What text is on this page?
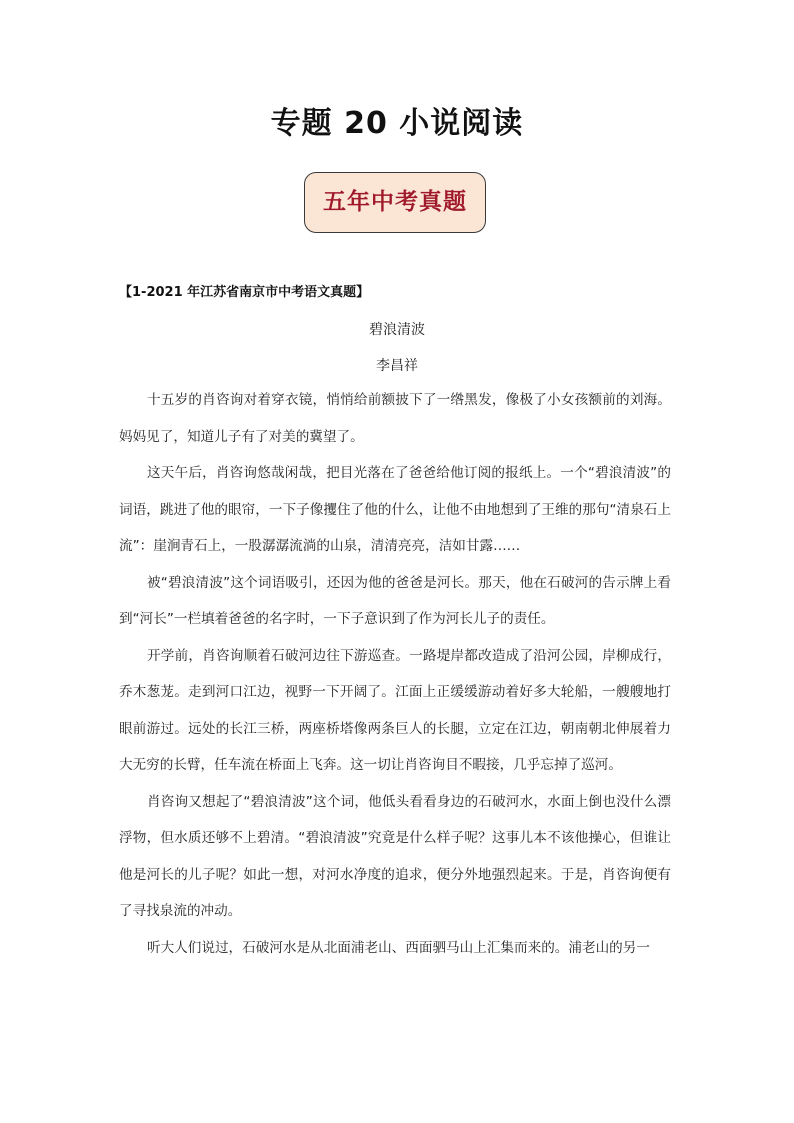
专题 20 小说阅读
五年中考真题
【1-2021 年江苏省南京市中考语文真题】
碧浪清波
李昌祥

十五岁的肖咨询对着穿衣镜，悄悄给前额披下了一绺黑发，像极了小女孩额前的刘海。妈妈见了，知道儿子有了对美的冀望了。

这天午后，肖咨询悠哉闲哉，把目光落在了爸爸给他订阅的报纸上。一个“碧浪清波”的词语，跳进了他的眼帘，一下子像攫住了他的什么，让他不由地想到了王维的那句“清泉石上流”：崖涧青石上，一股潺潺流淌的山泉，清清亮亮，洁如甘露……

被“碧浪清波”这个词语吸引，还因为他的爸爸是河长。那天，他在石破河的告示牌上看到“河长”一栏填着爸爸的名字时，一下子意识到了作为河长儿子的责任。

开学前，肖咨询顺着石破河边往下游巡查。一路堤岸都改造成了沿河公园，岸柳成行，乔木葱茏。走到河口江边，视野一下开阔了。江面上正缓缓游动着好多大轮船，一艘艘地打眼前游过。远处的长江三桥，两座桥塔像两条巨人的长腿，立定在江边，朝南朝北伸展着力大无穷的长臂，任车流在桥面上飞奔。这一切让肖咨询目不暇接，几乎忘掉了巡河。

肖咨询又想起了“碧浪清波”这个词，他低头看看身边的石破河水，水面上倒也没什么漂浮物，但水质还够不上碧清。“碧浪清波”究竟是什么样子呢？这事儿本不该他操心，但谁让他是河长的儿子呢？如此一想，对河水净度的追求，便分外地强烈起来。于是，肖咨询便有了寻找泉流的冲动。

听大人们说过，石破河水是从北面浦老山、西面驷马山上汇集而来的。浦老山的另一
